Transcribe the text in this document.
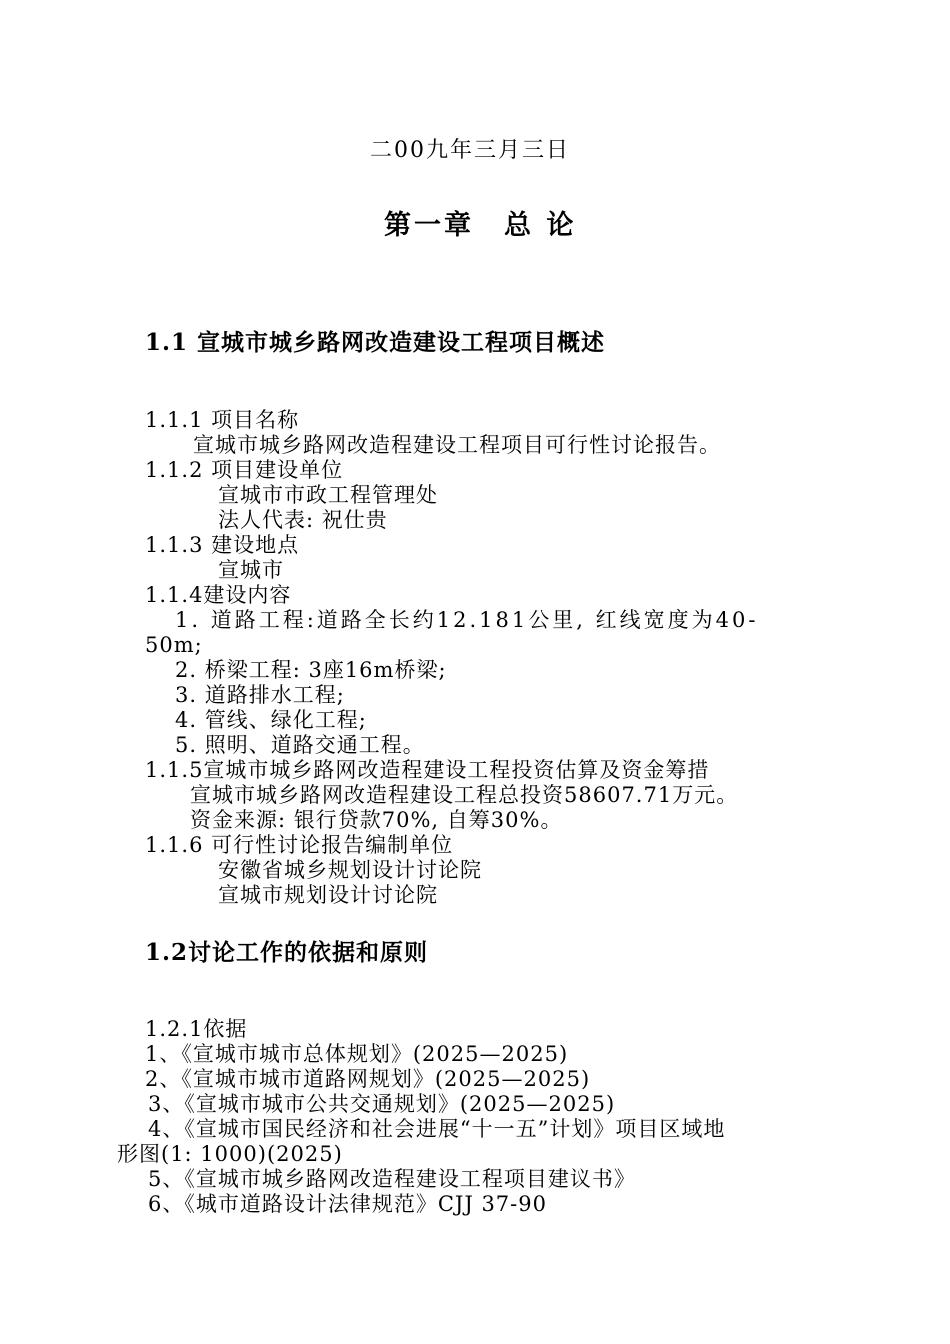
二00九年三月三日
第一章　总 论
1.1 宣城市城乡路网改造建设工程项目概述
1.1.1 项目名称
宣城市城乡路网改造程建设工程项目可行性讨论报告。
1.1.2 项目建设单位
宣城市市政工程管理处
法人代表: 祝仕贵
1.1.3 建设地点
宣城市
1.1.4建设内容
1. 道路工程:道路全长约12.181公里, 红线宽度为40-
50m;
2. 桥梁工程: 3座16m桥梁;
3. 道路排水工程;
4. 管线、绿化工程;
5. 照明、道路交通工程。
1.1.5宣城市城乡路网改造程建设工程投资估算及资金筹措
宣城市城乡路网改造程建设工程总投资58607.71万元。
资金来源: 银行贷款70%, 自筹30%。
1.1.6 可行性讨论报告编制单位
安徽省城乡规划设计讨论院
宣城市规划设计讨论院
1.2讨论工作的依据和原则
1.2.1依据
1、《宣城市城市总体规划》(2025—2025)
2、《宣城市城市道路网规划》(2025—2025)
3、《宣城市城市公共交通规划》(2025—2025)
4、《宣城市国民经济和社会进展“十一五”计划》项目区域地
形图(1: 1000)(2025)
5、《宣城市城乡路网改造程建设工程项目建议书》
6、《城市道路设计法律规范》CJJ 37-90
